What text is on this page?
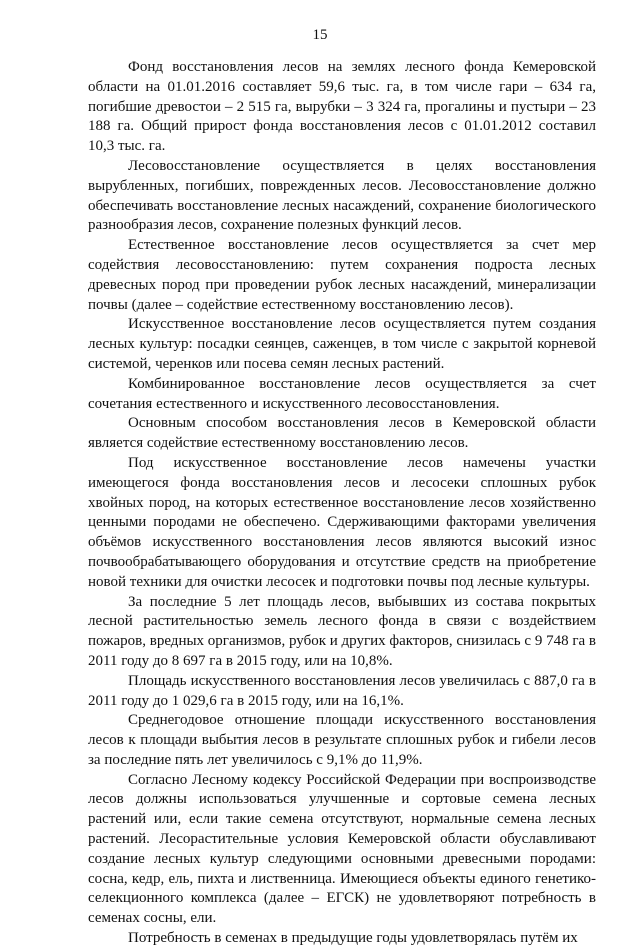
15

Фонд восстановления лесов на землях лесного фонда Кемеровской области на 01.01.2016 составляет 59,6 тыс. га, в том числе гари – 634 га, погибшие древостои – 2 515 га, вырубки – 3 324 га, прогалины и пустыри – 23 188 га. Общий прирост фонда восстановления лесов с 01.01.2012 составил 10,3 тыс. га.

Лесовосстановление осуществляется в целях восстановления вырубленных, погибших, поврежденных лесов. Лесовосстановление должно обеспечивать восстановление лесных насаждений, сохранение биологического разнообразия лесов, сохранение полезных функций лесов.

Естественное восстановление лесов осуществляется за счет мер содействия лесовосстановлению: путем сохранения подроста лесных древесных пород при проведении рубок лесных насаждений, минерализации почвы (далее – содействие естественному восстановлению лесов).

Искусственное восстановление лесов осуществляется путем создания лесных культур: посадки сеянцев, саженцев, в том числе с закрытой корневой системой, черенков или посева семян лесных растений.

Комбинированное восстановление лесов осуществляется за счет сочетания естественного и искусственного лесовосстановления.

Основным способом восстановления лесов в Кемеровской области является содействие естественному восстановлению лесов.

Под искусственное восстановление лесов намечены участки имеющегося фонда восстановления лесов и лесосеки сплошных рубок хвойных пород, на которых естественное восстановление лесов хозяйственно ценными породами не обеспечено. Сдерживающими факторами увеличения объёмов искусственного восстановления лесов являются высокий износ почвообрабатывающего оборудования и отсутствие средств на приобретение новой техники для очистки лесосек и подготовки почвы под лесные культуры.

За последние 5 лет площадь лесов, выбывших из состава покрытых лесной растительностью земель лесного фонда в связи с воздействием пожаров, вредных организмов, рубок и других факторов, снизилась с 9 748 га в 2011 году до 8 697 га в 2015 году, или на 10,8%.

Площадь искусственного восстановления лесов увеличилась с 887,0 га в 2011 году до 1 029,6 га в 2015 году, или на 16,1%.

Среднегодовое отношение площади искусственного восстановления лесов к площади выбытия лесов в результате сплошных рубок и гибели лесов за последние пять лет увеличилось с 9,1% до 11,9%.

Согласно Лесному кодексу Российской Федерации при воспроизводстве лесов должны использоваться улучшенные и сортовые семена лесных растений или, если такие семена отсутствуют, нормальные семена лесных растений. Лесорастительные условия Кемеровской области обуславливают создание лесных культур следующими основными древесными породами: сосна, кедр, ель, пихта и лиственница. Имеющиеся объекты единого генетико-селекционного комплекса (далее – ЕГСК) не удовлетворяют потребность в семенах сосны, ели.

Потребность в семенах в предыдущие годы удовлетворялась путём их
